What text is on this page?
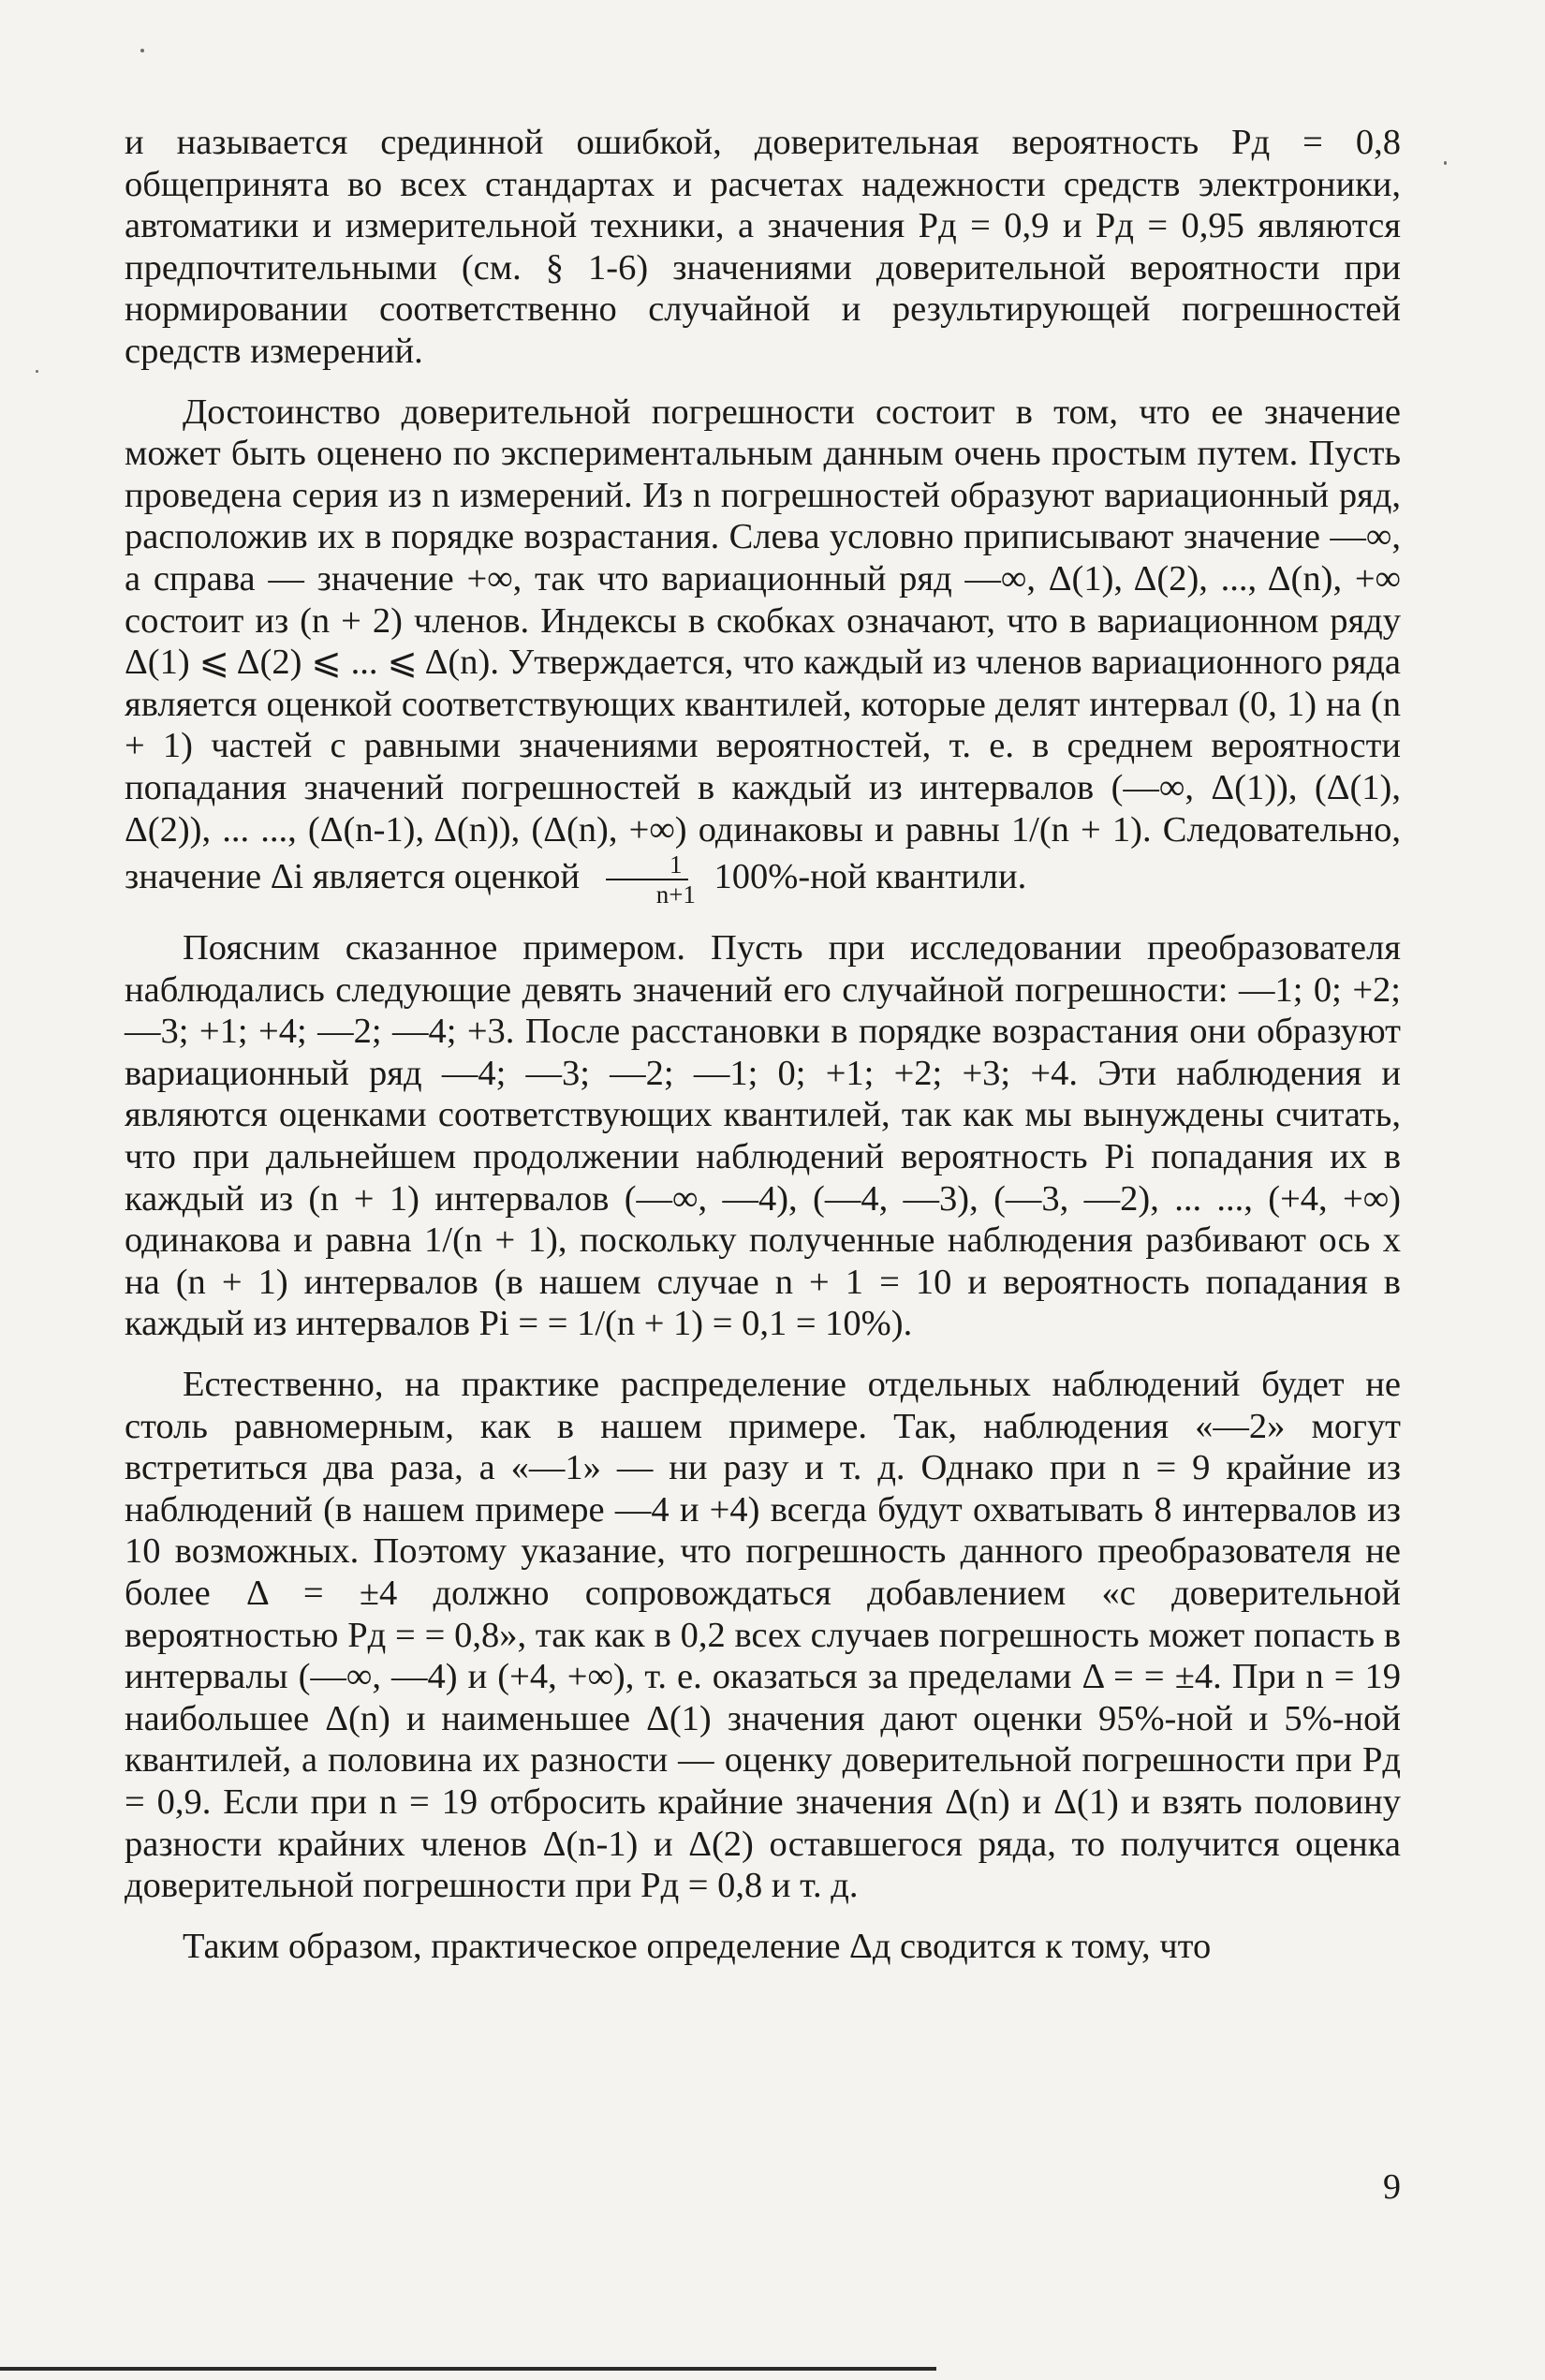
и называется срединной ошибкой, доверительная вероятность Pд = 0,8 общепринята во всех стандартах и расчетах надежности средств электроники, автоматики и измерительной техники, а значения Pд = 0,9 и Pд = 0,95 являются предпочтительными (см. § 1-6) значениями доверительной вероятности при нормировании соответственно случайной и результирующей погрешностей средств измерений.

Достоинство доверительной погрешности состоит в том, что ее значение может быть оценено по экспериментальным данным очень простым путем. Пусть проведена серия из n измерений. Из n погрешностей образуют вариационный ряд, расположив их в порядке возрастания. Слева условно приписывают значение —∞, а справа — значение +∞, так что вариационный ряд —∞, Δ(1), Δ(2), ..., Δ(n), +∞ состоит из (n + 2) членов. Индексы в скобках означают, что в вариационном ряду Δ(1) ⩽ Δ(2) ⩽ ... ⩽ Δ(n). Утверждается, что каждый из членов вариационного ряда является оценкой соответствующих квантилей, которые делят интервал (0, 1) на (n + 1) частей с равными значениями вероятностей, т. е. в среднем вероятности попадания значений погрешностей в каждый из интервалов (—∞, Δ(1)), (Δ(1), Δ(2)), ... ..., (Δ(n-1), Δ(n)), (Δ(n), +∞) одинаковы и равны 1/(n + 1). Следовательно, значение Δi является оценкой $\frac{1}{n+1} 100\%-ной$ квантили.

Поясним сказанное примером. Пусть при исследовании преобразователя наблюдались следующие девять значений его случайной погрешности: —1; 0; +2; —3; +1; +4; —2; —4; +3. После расстановки в порядке возрастания они образуют вариационный ряд —4; —3; —2; —1; 0; +1; +2; +3; +4. Эти наблюдения и являются оценками соответствующих квантилей, так как мы вынуждены считать, что при дальнейшем продолжении наблюдений вероятность Pi попадания их в каждый из (n + 1) интервалов (—∞, —4), (—4, —3), (—3, —2), ... ..., (+4, +∞) одинакова и равна 1/(n + 1), поскольку полученные наблюдения разбивают ось x на (n + 1) интервалов (в нашем случае n + 1 = 10 и вероятность попадания в каждый из интервалов Pi = = 1/(n + 1) = 0,1 = 10%).

Естественно, на практике распределение отдельных наблюдений будет не столь равномерным, как в нашем примере. Так, наблюдения «—2» могут встретиться два раза, а «—1» — ни разу и т. д. Однако при n = 9 крайние из наблюдений (в нашем примере —4 и +4) всегда будут охватывать 8 интервалов из 10 возможных. Поэтому указание, что погрешность данного преобразователя не более Δ = ±4 должно сопровождаться добавлением «с доверительной вероятностью Pд = = 0,8», так как в 0,2 всех случаев погрешность может попасть в интервалы (—∞, —4) и (+4, +∞), т. е. оказаться за пределами Δ = = ±4. При n = 19 наибольшее Δ(n) и наименьшее Δ(1) значения дают оценки 95%-ной и 5%-ной квантилей, а половина их разности — оценку доверительной погрешности при Pд = 0,9. Если при n = 19 отбросить крайние значения Δ(n) и Δ(1) и взять половину разности крайних членов Δ(n-1) и Δ(2) оставшегося ряда, то получится оценка доверительной погрешности при Pд = 0,8 и т. д.

Таким образом, практическое определение Δд сводится к тому, что

9
